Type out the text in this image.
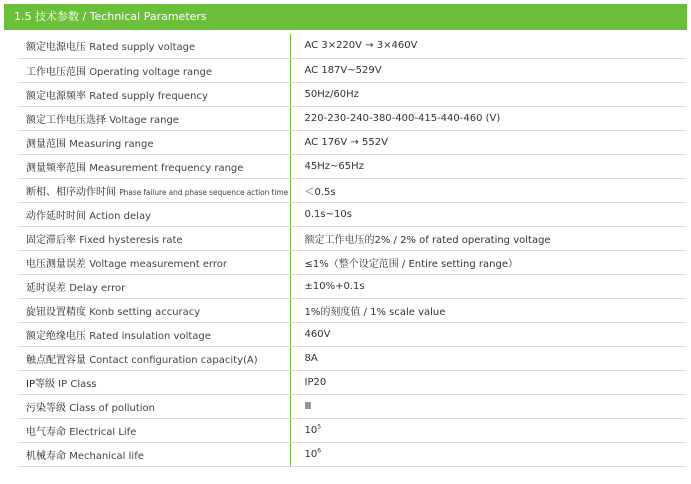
1.5 技术参数 / Technical Parameters
额定电源电压 Rated supply voltage	AC 3×220V → 3×460V
工作电压范围 Operating voltage range	AC 187V~529V
额定电源频率 Rated supply frequency	50Hz/60Hz
额定工作电压选择 Voltage range	220-230-240-380-400-415-440-460 (V)
测量范围 Measuring range	AC 176V → 552V
测量频率范围 Measurement frequency range	45Hz~65Hz
断相、相序动作时间 Phase failure and phase sequence action time	＜0.5s
动作延时时间 Action delay	0.1s~10s
固定滞后率 Fixed hysteresis rate	额定工作电压的2% / 2% of rated operating voltage
电压测量误差 Voltage measurement error	≤1%（整个设定范围 / Entire setting range）
延时误差 Delay error	±10%+0.1s
旋钮设置精度 Konb setting accuracy	1%的刻度值 / 1% scale value
额定绝缘电压 Rated insulation voltage	460V
触点配置容量 Contact configuration capacity(A)	8A
IP等级 IP Class	IP20
污染等级 Class of pollution	Ⅲ
电气寿命 Electrical Life	$10^5$
机械寿命 Mechanical life	$10^6$
